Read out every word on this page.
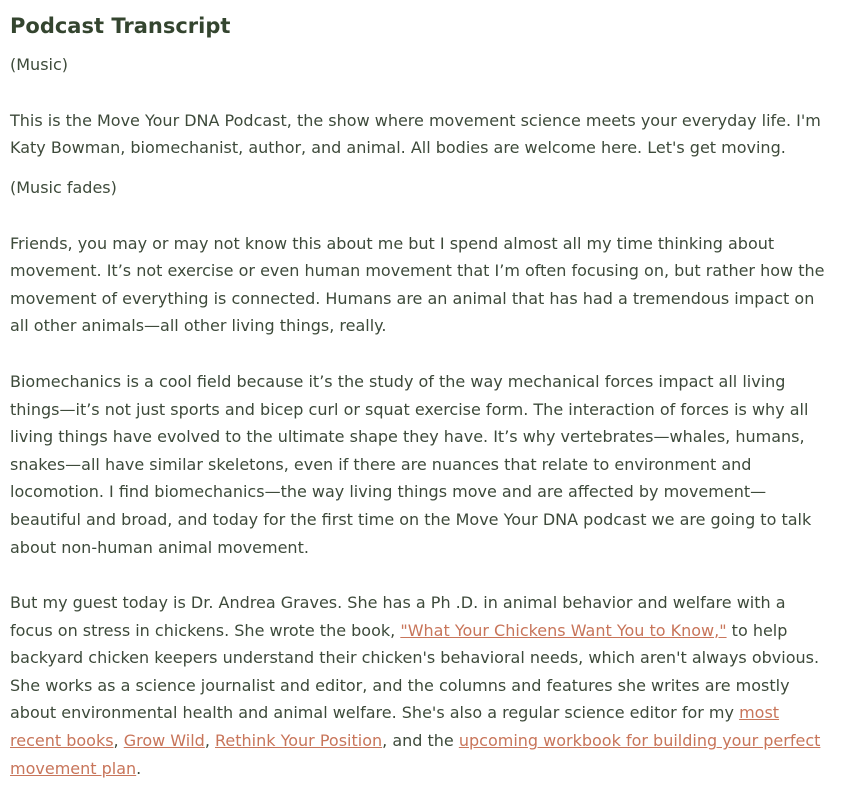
Podcast Transcript

(Music)

This is the Move Your DNA Podcast, the show where movement science meets your everyday life. I'm Katy Bowman, biomechanist, author, and animal. All bodies are welcome here. Let's get moving.

(Music fades)

Friends, you may or may not know this about me but I spend almost all my time thinking about movement. It’s not exercise or even human movement that I’m often focusing on, but rather how the movement of everything is connected. Humans are an animal that has had a tremendous impact on all other animals—all other living things, really.

Biomechanics is a cool field because it’s the study of the way mechanical forces impact all living things—it’s not just sports and bicep curl or squat exercise form. The interaction of forces is why all living things have evolved to the ultimate shape they have. It’s why vertebrates—whales, humans, snakes—all have similar skeletons, even if there are nuances that relate to environment and locomotion. I find biomechanics—the way living things move and are affected by movement—beautiful and broad, and today for the first time on the Move Your DNA podcast we are going to talk about non-human animal movement.

But my guest today is Dr. Andrea Graves. She has a Ph .D. in animal behavior and welfare with a focus on stress in chickens. She wrote the book, "What Your Chickens Want You to Know," to help backyard chicken keepers understand their chicken's behavioral needs, which aren't always obvious. She works as a science journalist and editor, and the columns and features she writes are mostly about environmental health and animal welfare. She's also a regular science editor for my most recent books, Grow Wild, Rethink Your Position, and the upcoming workbook for building your perfect movement plan.
